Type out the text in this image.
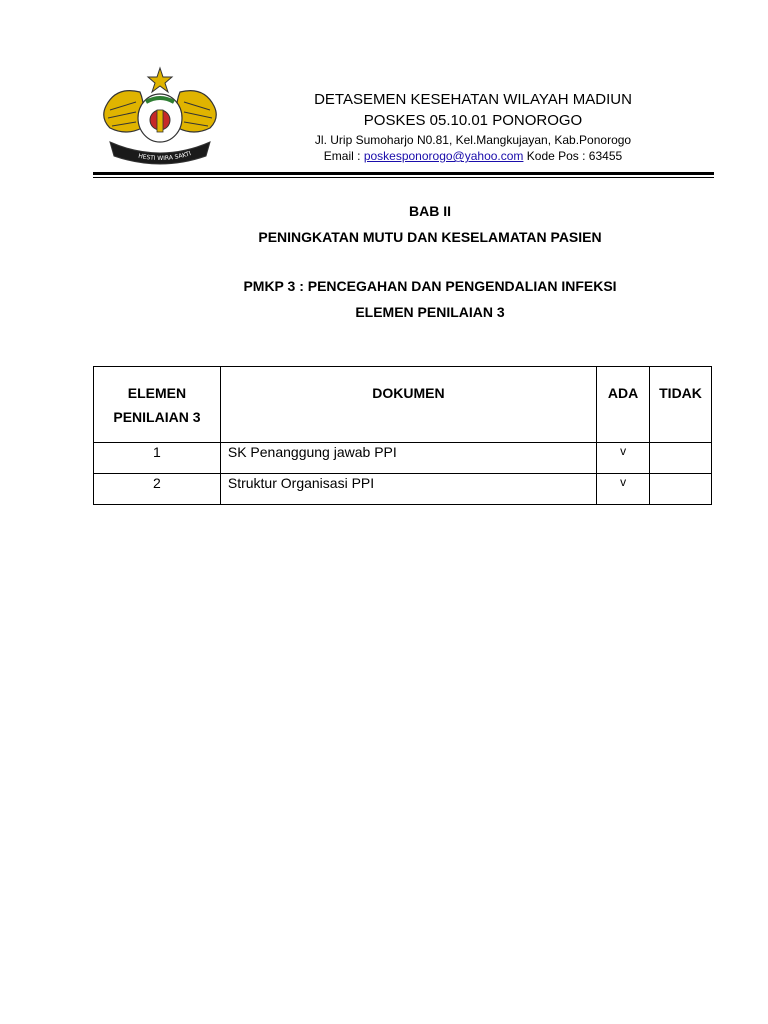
HESTI WIRA SAKTI
DETASEMEN KESEHATAN WILAYAH MADIUN
POSKES 05.10.01 PONOROGO
Jl. Urip Sumoharjo N0.81, Kel.Mangkujayan, Kab.Ponorogo
Email : poskesponorogo@yahoo.com Kode Pos : 63455
BAB II
PENINGKATAN MUTU DAN KESELAMATAN PASIEN
PMKP 3 : PENCEGAHAN DAN PENGENDALIAN INFEKSI
ELEMEN PENILAIAN 3
ELEMEN
PENILAIAN 3	DOKUMEN	ADA	TIDAK
1	SK Penanggung jawab PPI	v	
2	Struktur Organisasi PPI	v	
